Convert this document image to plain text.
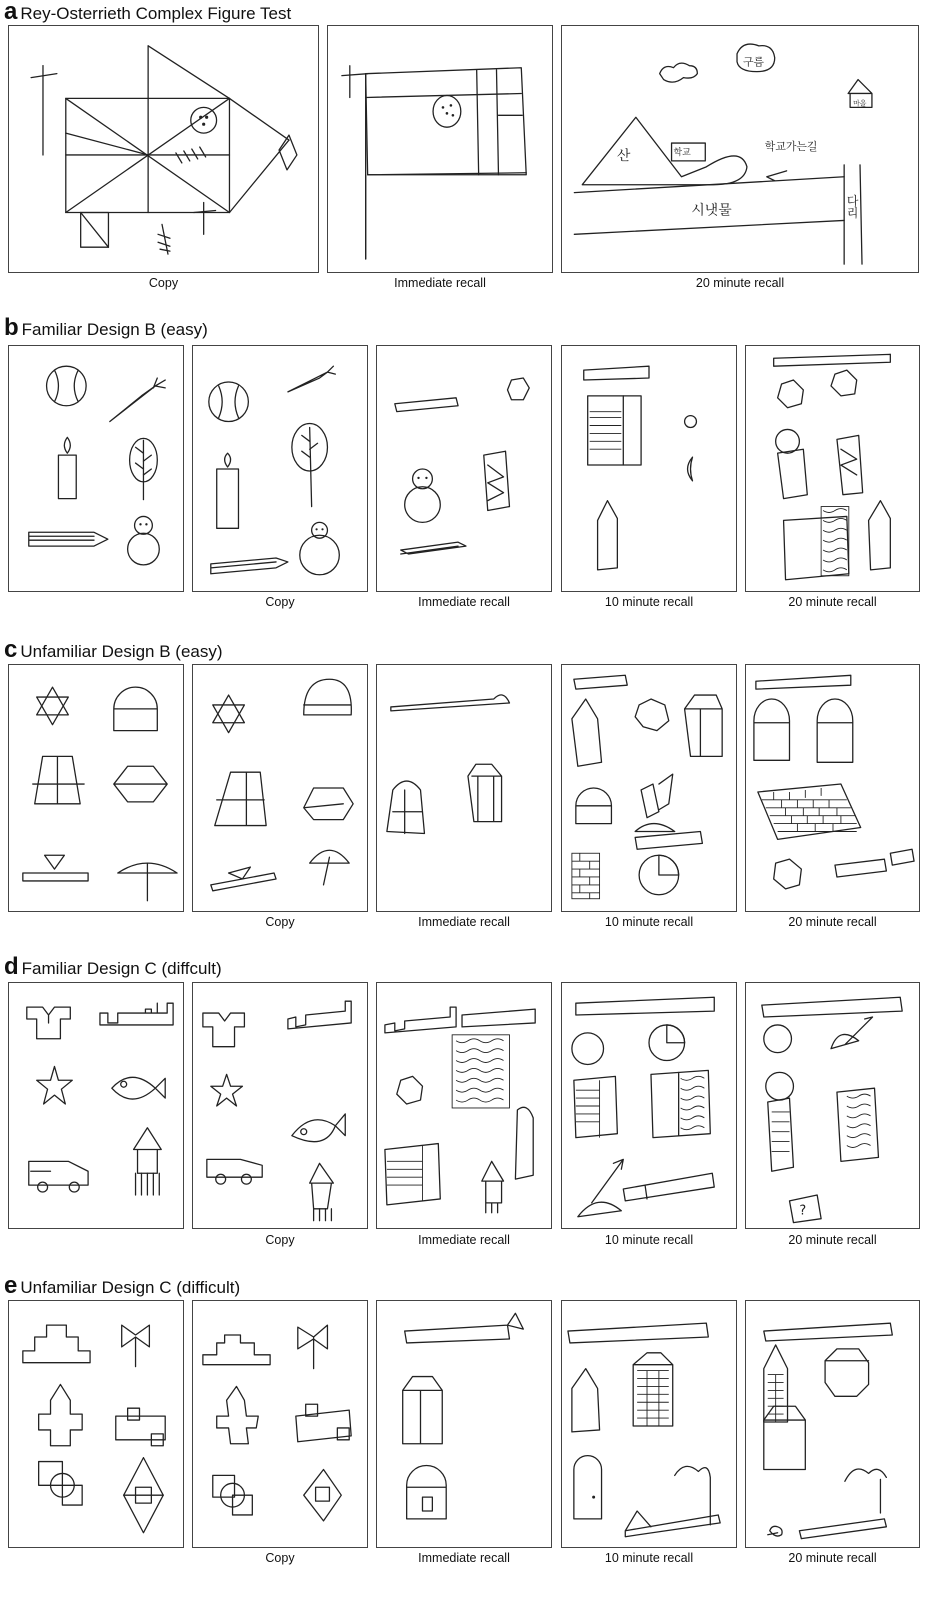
a Rey-Osterrieth Complex Figure Test
Copy	Immediate recall
구름
마을
산	학교	학교가는길
다리
시냇물
20 minute recall
b Familiar Design B (easy)
Copy	Immediate recall	10 minute recall	20 minute recall
c Unfamiliar Design B (easy)
Copy	Immediate recall	10 minute recall	20 minute recall
d Familiar Design C (diffcult)
Copy	Immediate recall	10 minute recall
?
20 minute recall
e Unfamiliar Design C (difficult)
Copy	Immediate recall	10 minute recall	20 minute recall
